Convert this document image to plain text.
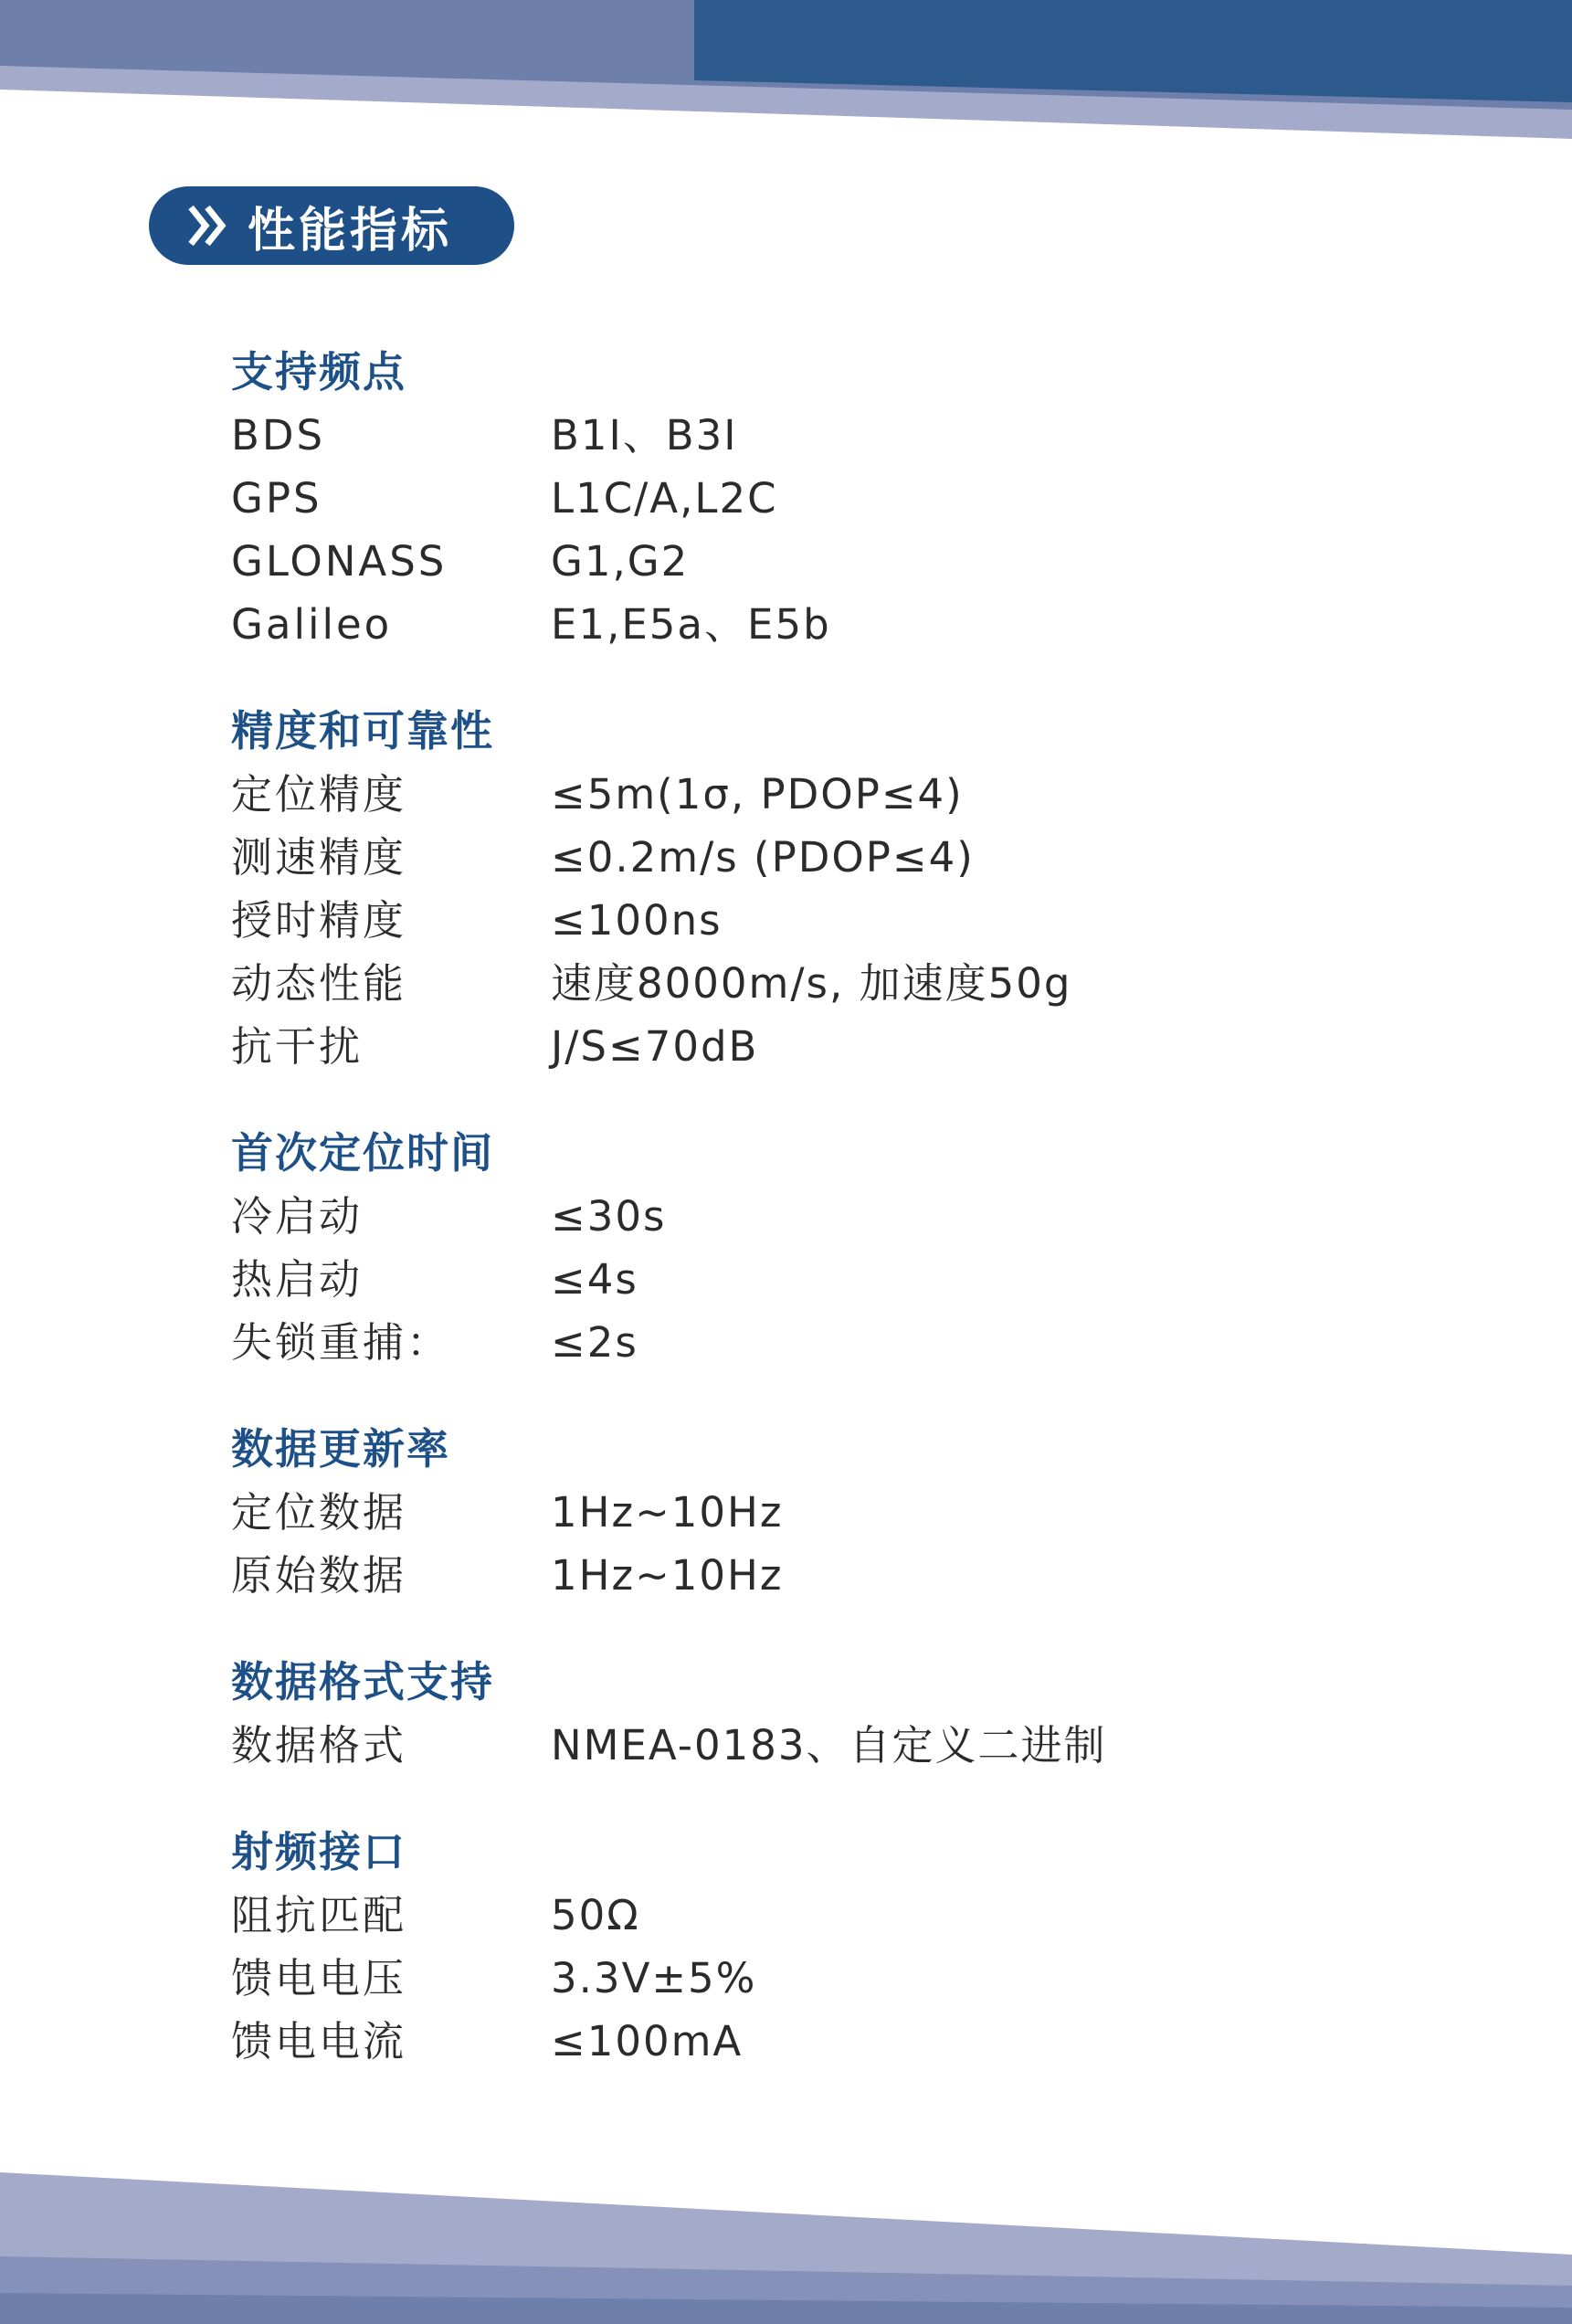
性能指标
支持频点
BDS	B1I、B3I
GPS	L1C/A,L2C
GLONASS	G1,G2
Galileo	E1,E5a、E5b
精度和可靠性
定位精度	≤5m(1σ, PDOP≤4)
测速精度	≤0.2m/s (PDOP≤4)
授时精度	≤100ns
动态性能	速度8000m/s, 加速度50g
抗干扰	J/S≤70dB
首次定位时间
冷启动	≤30s
热启动	≤4s
失锁重捕： ≤2s
数据更新率
定位数据	1Hz~10Hz
原始数据	1Hz~10Hz
数据格式支持
数据格式	NMEA-0183、自定义二进制
射频接口
阻抗匹配	50Ω
馈电电压	3.3V±5%
馈电电流	≤100mA
